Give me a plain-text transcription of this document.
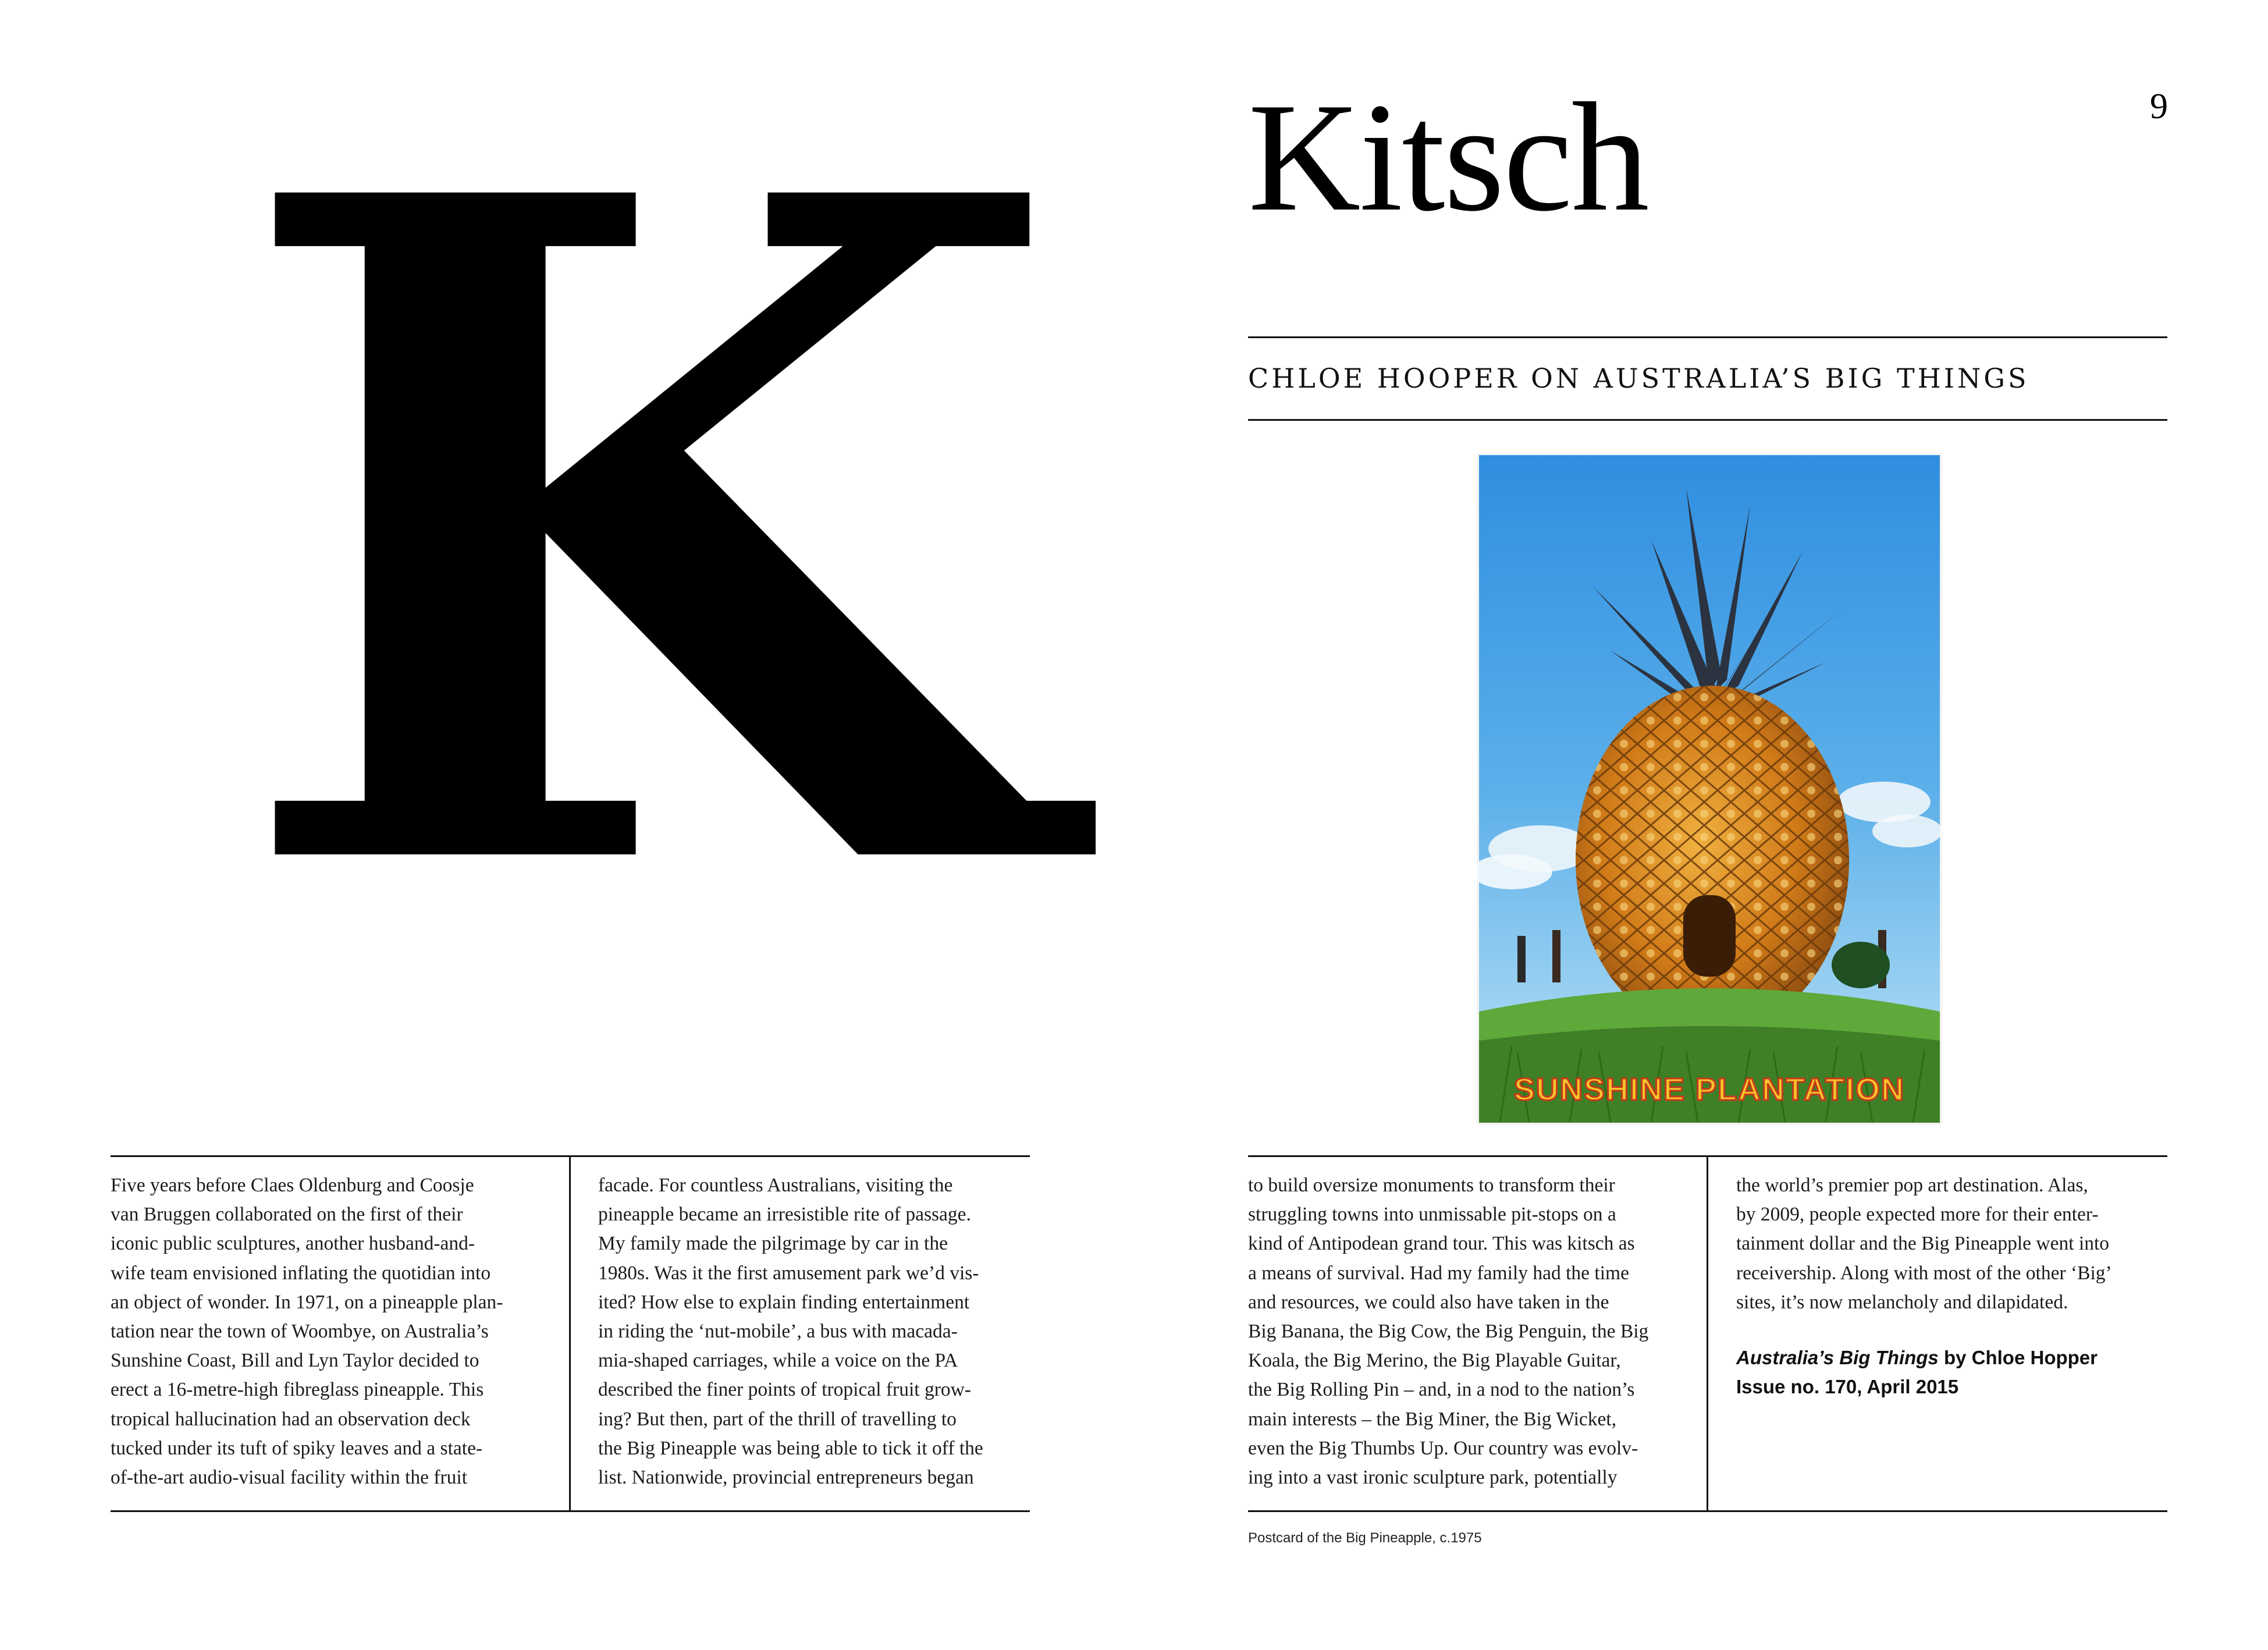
K Kitsch	9
CHLOE HOOPER ON AUSTRALIA’S BIG THINGS
SUNSHINE PLANTATION
Five years before Claes Oldenburg and Coosje
van Bruggen collaborated on the first of their
iconic public sculptures, another husband-and-
wife team envisioned inflating the quotidian into
an object of wonder. In 1971, on a pineapple plan-
tation near the town of Woombye, on Australia’s
Sunshine Coast, Bill and Lyn Taylor decided to
erect a 16-metre-high fibreglass pineapple. This
tropical hallucination had an observation deck
tucked under its tuft of spiky leaves and a state-
of-the-art audio-visual facility within the fruit
facade. For countless Australians, visiting the
pineapple became an irresistible rite of passage.
My family made the pilgrimage by car in the
1980s. Was it the first amusement park we’d vis-
ited? How else to explain finding entertainment
in riding the ‘nut-mobile’, a bus with macada-
mia-shaped carriages, while a voice on the PA
described the finer points of tropical fruit grow-
ing? But then, part of the thrill of travelling to
the Big Pineapple was being able to tick it off the
list. Nationwide, provincial entrepreneurs began
to build oversize monuments to transform their
struggling towns into unmissable pit-stops on a
kind of Antipodean grand tour. This was kitsch as
a means of survival. Had my family had the time
and resources, we could also have taken in the
Big Banana, the Big Cow, the Big Penguin, the Big
Koala, the Big Merino, the Big Playable Guitar,
the Big Rolling Pin – and, in a nod to the nation’s
main interests – the Big Miner, the Big Wicket,
even the Big Thumbs Up. Our country was evolv-
ing into a vast ironic sculpture park, potentially
the world’s premier pop art destination. Alas,
by 2009, people expected more for their enter-
tainment dollar and the Big Pineapple went into
receivership. Along with most of the other ‘Big’
sites, it’s now melancholy and dilapidated.
Australia’s Big Things by Chloe Hopper
Issue no. 170, April 2015
Postcard of the Big Pineapple, c.1975
